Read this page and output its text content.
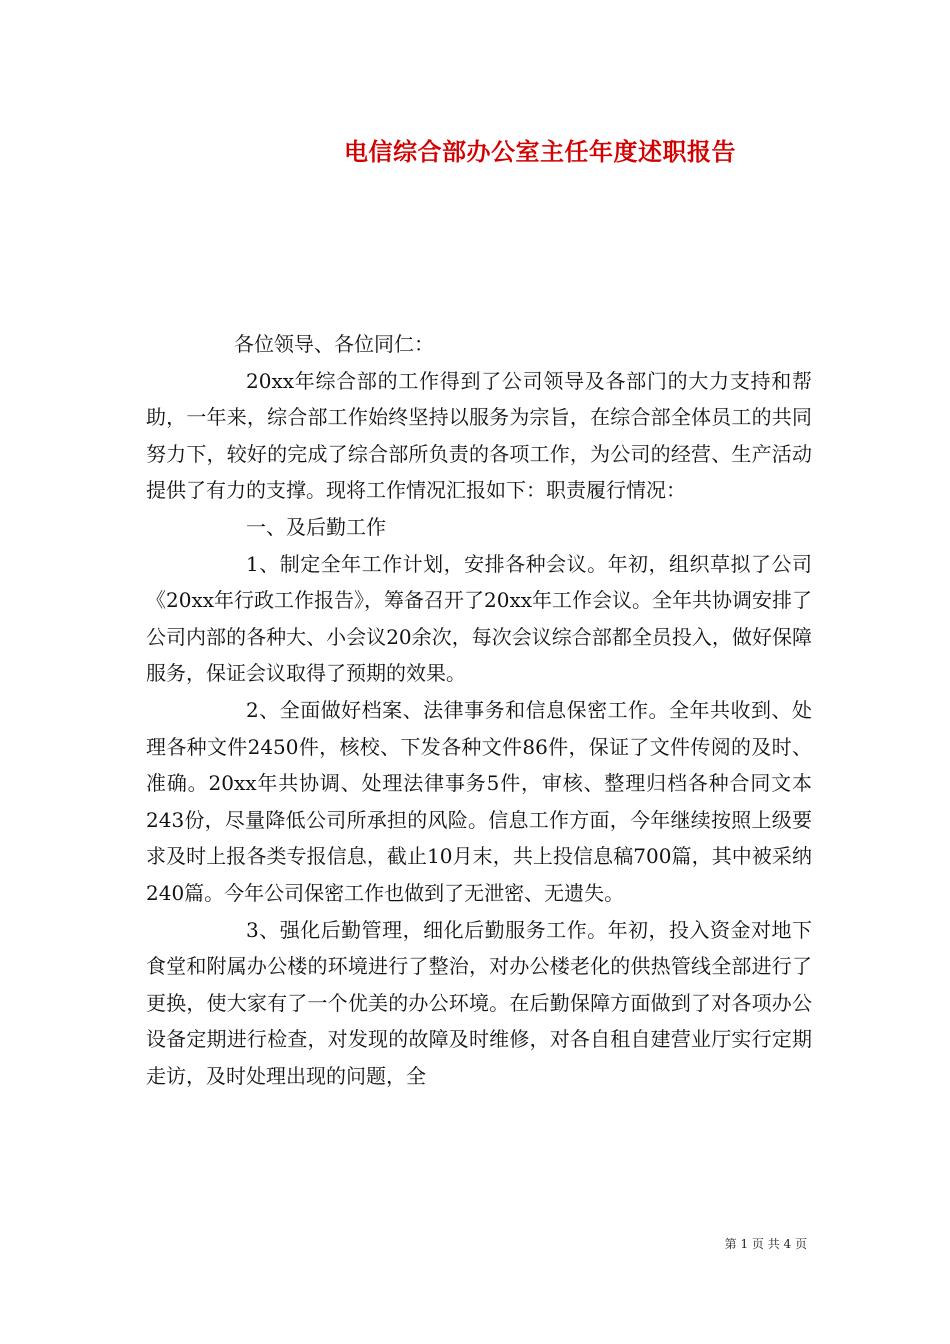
电信综合部办公室主任年度述职报告

各位领导、各位同仁：

20xx年综合部的工作得到了公司领导及各部门的大力支持和帮助，一年来，综合部工作始终坚持以服务为宗旨，在综合部全体员工的共同努力下，较好的完成了综合部所负责的各项工作，为公司的经营、生产活动提供了有力的支撑。现将工作情况汇报如下：职责履行情况：

一、及后勤工作

1、制定全年工作计划，安排各种会议。年初，组织草拟了公司《20xx年行政工作报告》，筹备召开了20xx年工作会议。全年共协调安排了公司内部的各种大、小会议20余次，每次会议综合部都全员投入，做好保障服务，保证会议取得了预期的效果。

2、全面做好档案、法律事务和信息保密工作。全年共收到、处理各种文件2450件，核校、下发各种文件86件，保证了文件传阅的及时、准确。20xx年共协调、处理法律事务5件，审核、整理归档各种合同文本243份，尽量降低公司所承担的风险。信息工作方面，今年继续按照上级要求及时上报各类专报信息，截止10月末，共上投信息稿700篇，其中被采纳240篇。今年公司保密工作也做到了无泄密、无遗失。

3、强化后勤管理，细化后勤服务工作。年初，投入资金对地下食堂和附属办公楼的环境进行了整治，对办公楼老化的供热管线全部进行了更换，使大家有了一个优美的办公环境。在后勤保障方面做到了对各项办公设备定期进行检查，对发现的故障及时维修，对各自租自建营业厅实行定期走访，及时处理出现的问题，全

第 1 页 共 4 页
